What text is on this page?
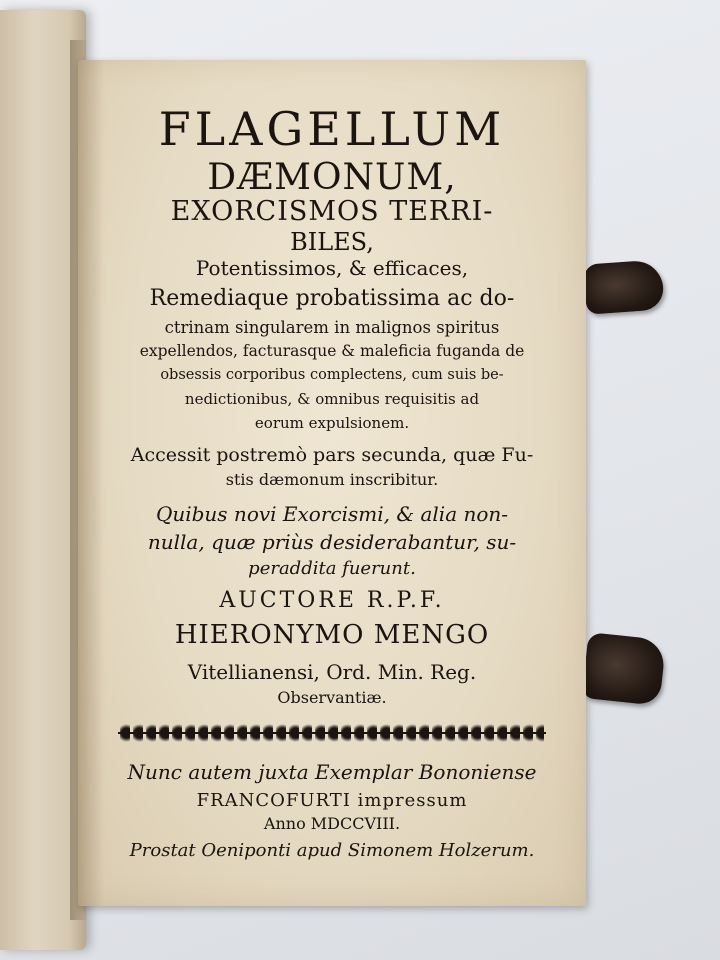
FLAGELLUM
DÆMONUM,
EXORCISMOS TERRI-
BILES,
Potentissimos, & efficaces,
Remediaque probatissima ac do-
ctrinam singularem in malignos spiritus
expellendos, facturasque & maleficia fuganda de
obsessis corporibus complectens, cum suis be-
nedictionibus, & omnibus requisitis ad
eorum expulsionem.
Accessit postremò pars secunda, quæ Fu-
stis dæmonum inscribitur.
Quibus novi Exorcismi, & alia non-
nulla, quæ priùs desiderabantur, su-
peraddita fuerunt.
AUCTORE R.P.F.
HIERONYMO MENGO
Vitellianensi, Ord. Min. Reg.
Observantiæ.
Nunc autem juxta Exemplar Bononiense
FRANCOFURTI impressum
Anno MDCCVIII.
Prostat Oeniponti apud Simonem Holzerum.
